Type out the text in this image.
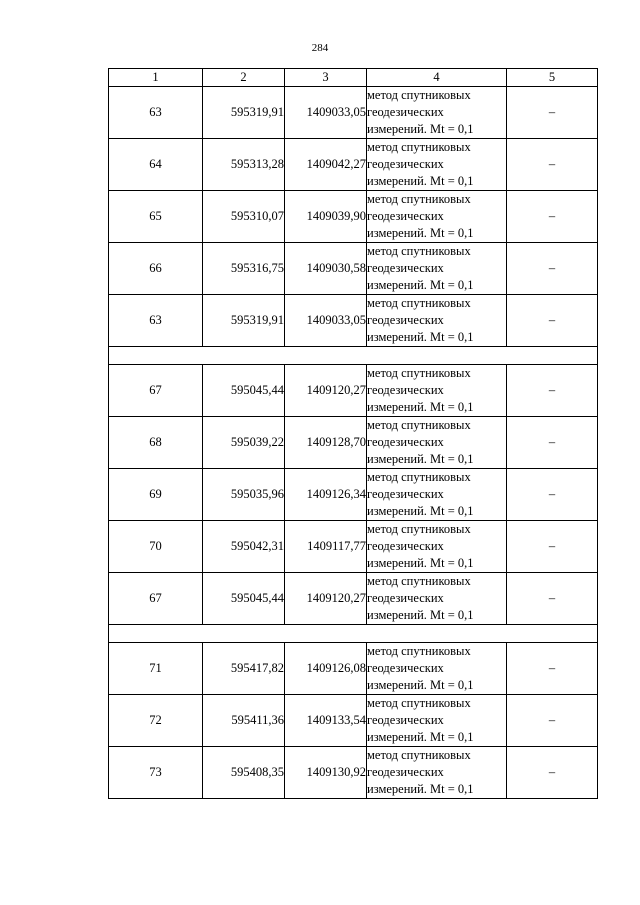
284
1	2	3	4	5
63	595319,91	1409033,05	метод спутниковых
геодезических
измерений. Mt = 0,1	–
64	595313,28	1409042,27	метод спутниковых
геодезических
измерений. Mt = 0,1	–
65	595310,07	1409039,90	метод спутниковых
геодезических
измерений. Mt = 0,1	–
66	595316,75	1409030,58	метод спутниковых
геодезических
измерений. Mt = 0,1	–
63	595319,91	1409033,05	метод спутниковых
геодезических
измерений. Mt = 0,1	–

67	595045,44	1409120,27	метод спутниковых
геодезических
измерений. Mt = 0,1	–
68	595039,22	1409128,70	метод спутниковых
геодезических
измерений. Mt = 0,1	–
69	595035,96	1409126,34	метод спутниковых
геодезических
измерений. Mt = 0,1	–
70	595042,31	1409117,77	метод спутниковых
геодезических
измерений. Mt = 0,1	–
67	595045,44	1409120,27	метод спутниковых
геодезических
измерений. Mt = 0,1	–

71	595417,82	1409126,08	метод спутниковых
геодезических
измерений. Mt = 0,1	–
72	595411,36	1409133,54	метод спутниковых
геодезических
измерений. Mt = 0,1	–
73	595408,35	1409130,92	метод спутниковых
геодезических
измерений. Mt = 0,1	–
